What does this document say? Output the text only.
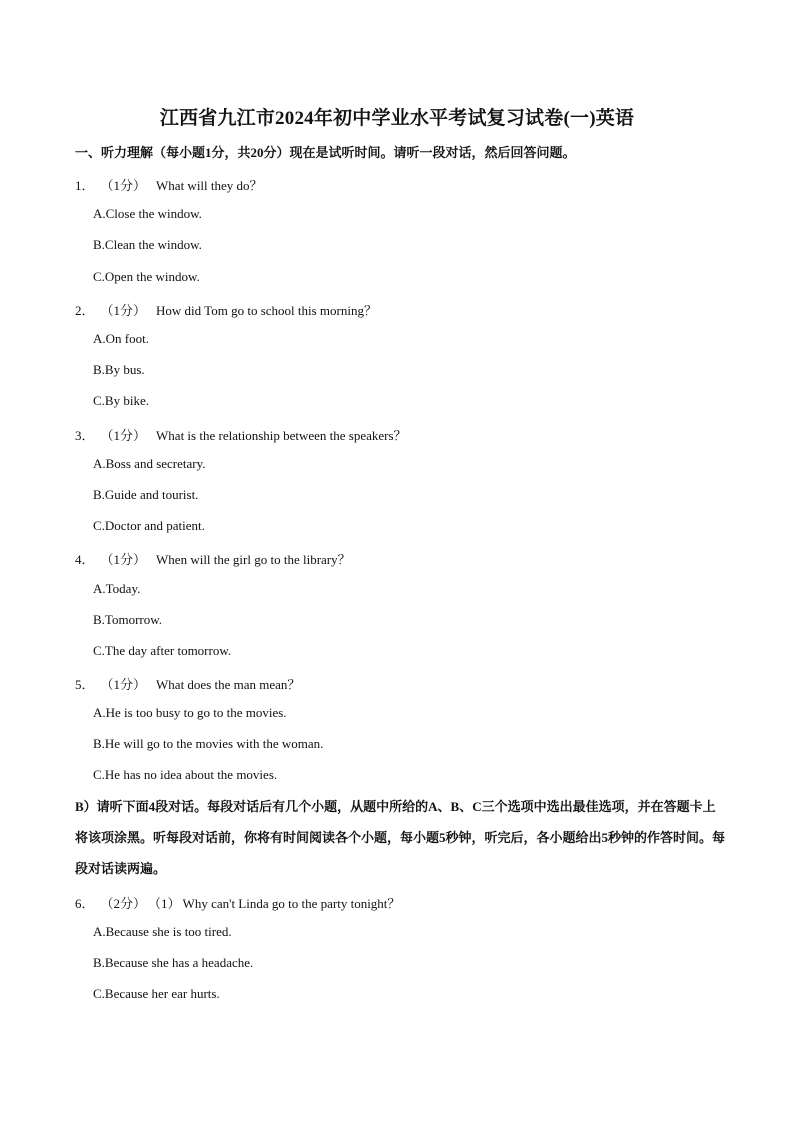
江西省九江市2024年初中学业水平考试复习试卷(一)英语
一、听力理解（每小题1分，共20分）现在是试听时间。请听一段对话，然后回答问题。
1． （1分） What will they do？
A.Close the window.
B.Clean the window.
C.Open the window.
2． （1分） How did Tom go to school this morning？
A.On foot.
B.By bus.
C.By bike.
3． （1分） What is the relationship between the speakers？
A.Boss and secretary.
B.Guide and tourist.
C.Doctor and patient.
4． （1分） When will the girl go to the library？
A.Today.
B.Tomorrow.
C.The day after tomorrow.
5． （1分） What does the man mean？
A.He is too busy to go to the movies.
B.He will go to the movies with the woman.
C.He has no idea about the movies.
B）请听下面4段对话。每段对话后有几个小题，从题中所给的A、B、C三个选项中选出最佳选项，并在答题卡上将该项涂黑。听每段对话前，你将有时间阅读各个小题，每小题5秒钟，听完后，各小题给出5秒钟的作答时间。每段对话读两遍。
6． （2分） （1） Why can't Linda go to the party tonight？
A.Because she is too tired.
B.Because she has a headache.
C.Because her ear hurts.
